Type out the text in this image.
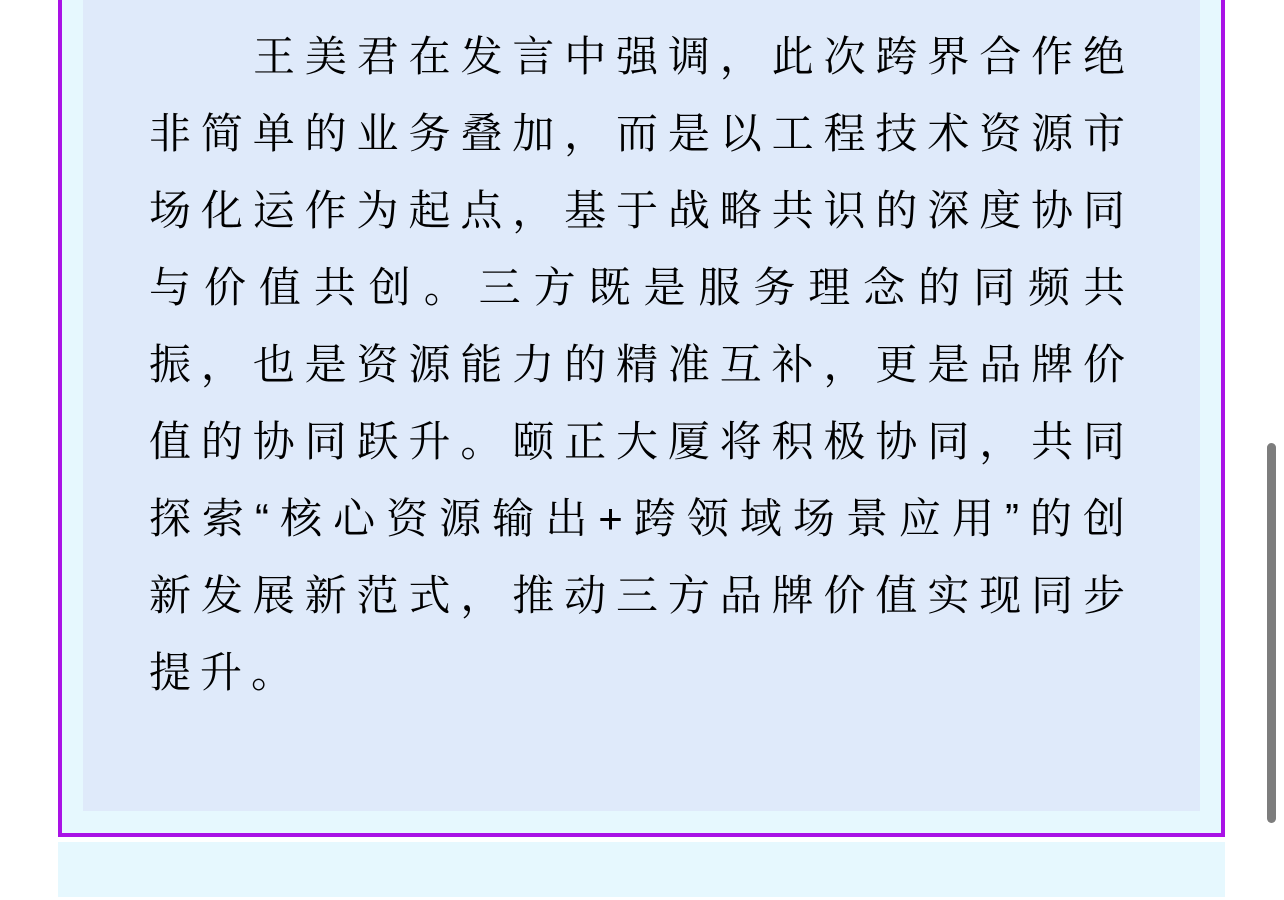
王美君在发言中强调，此次跨界合作绝非简单的业务叠加，而是以工程技术资源市场化运作为起点，基于战略共识的深度协同与价值共创。三方既是服务理念的同频共振，也是资源能力的精准互补，更是品牌价值的协同跃升。颐正大厦将积极协同，共同探索“核心资源输出+跨领域场景应用”的创新发展新范式，推动三方品牌价值实现同步提升。
